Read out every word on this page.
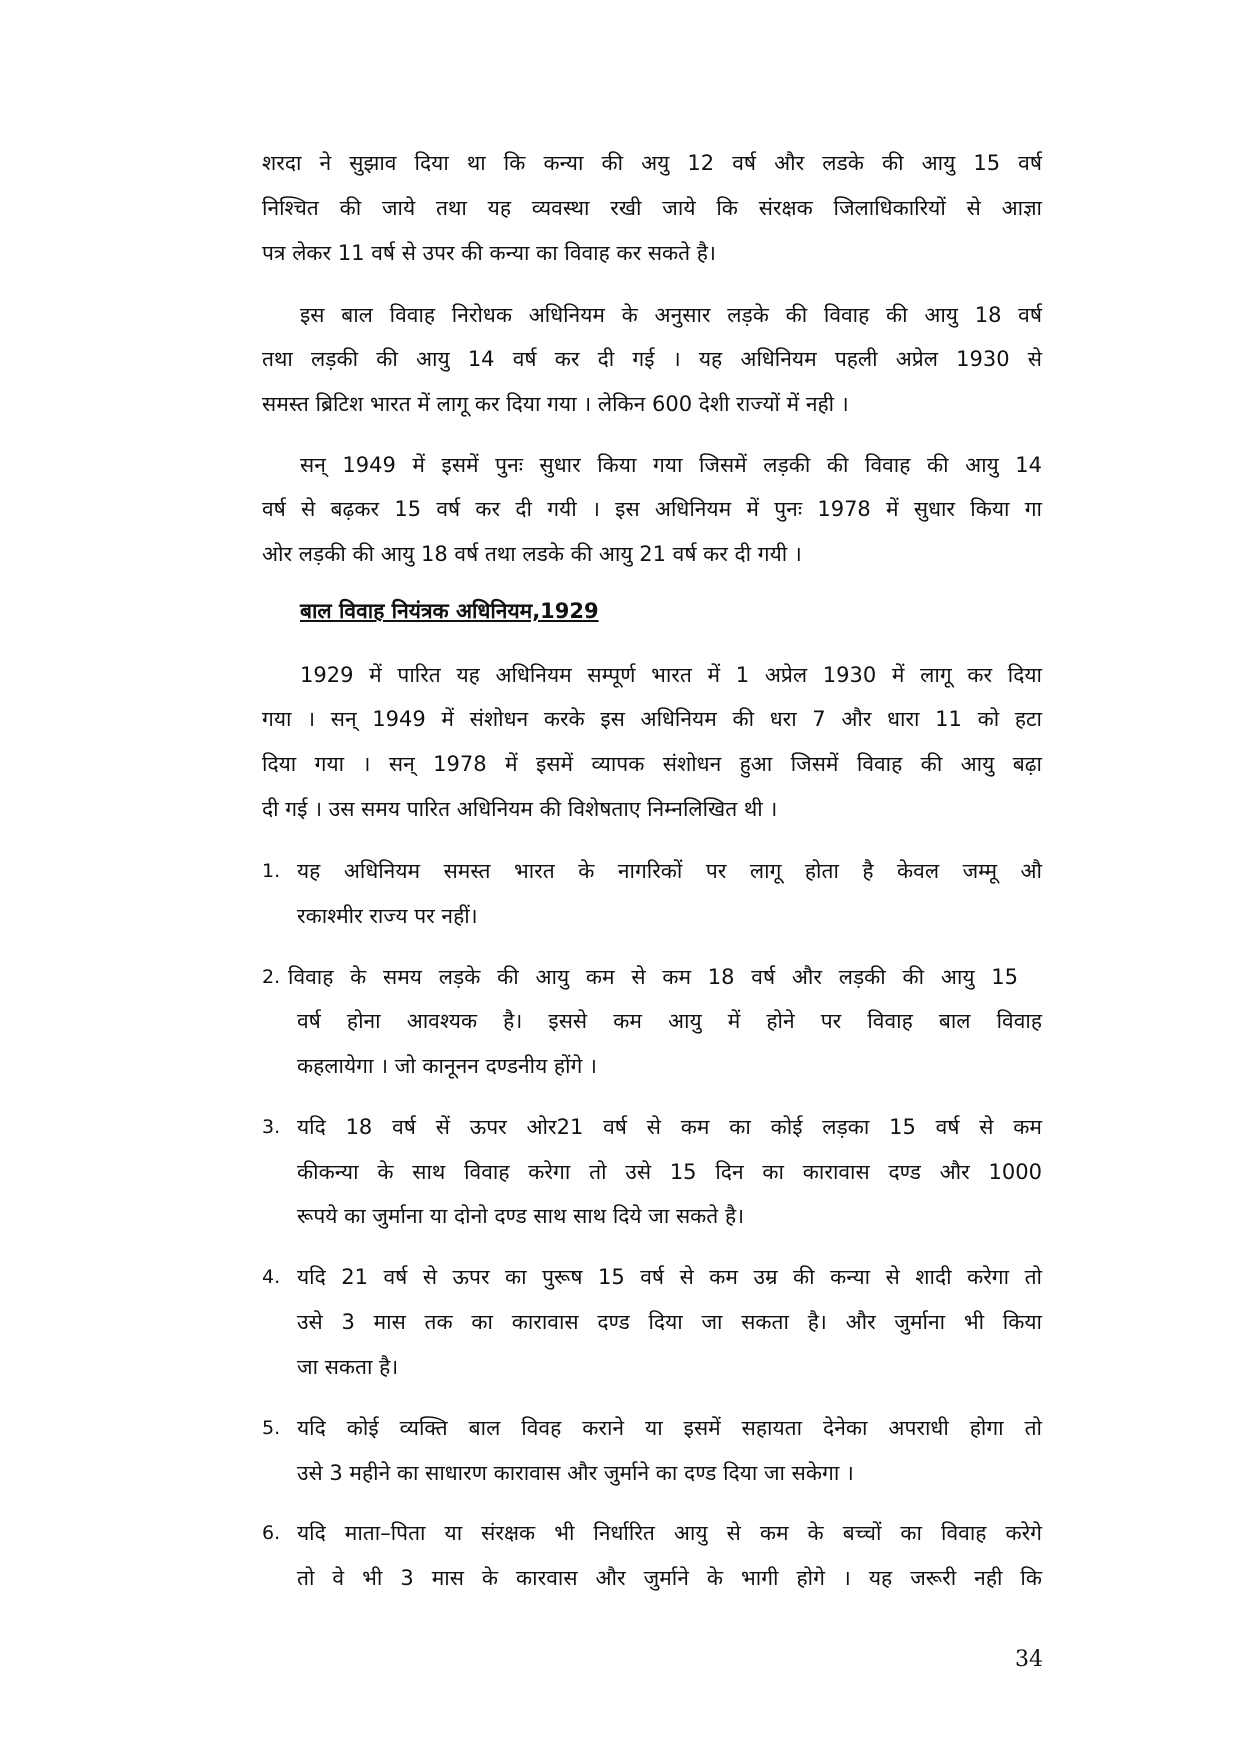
शरदा ने सुझाव दिया था कि कन्या की अयु 12 वर्ष और लडके की आयु 15 वर्ष
निश्चित की जाये तथा यह व्यवस्था रखी जाये कि संरक्षक जिलाधिकारियों से आज्ञा
पत्र लेकर 11 वर्ष से उपर की कन्या का विवाह कर सकते है।
इस बाल विवाह निरोधक अधिनियम के अनुसार लड़के की विवाह की आयु 18 वर्ष
तथा लड़की की आयु 14 वर्ष कर दी गई । यह अधिनियम पहली अप्रेल 1930 से
समस्त ब्रिटिश भारत में लागू कर दिया गया । लेकिन 600 देशी राज्यों में नही ।
सन् 1949 में इसमें पुनः सुधार किया गया जिसमें लड़की की विवाह की आयु 14
वर्ष से बढ़कर 15 वर्ष कर दी गयी । इस अधिनियम में पुनः 1978 में सुधार किया गा
ओर लड़की की आयु 18 वर्ष तथा लडके की आयु 21 वर्ष कर दी गयी ।
बाल विवाह नियंत्रक अधिनियम,1929
1929 में पारित यह अधिनियम सम्पूर्ण भारत में 1 अप्रेल 1930 में लागू कर दिया
गया । सन् 1949 में संशोधन करके इस अधिनियम की धरा 7 और धारा 11 को हटा
दिया गया । सन् 1978 में इसमें व्यापक संशोधन हुआ जिसमें विवाह की आयु बढ़ा
दी गई । उस समय पारित अधिनियम की विशेषताए निम्नलिखित थी ।
1. यह अधिनियम समस्त भारत के नागरिकों पर लागू होता है केवल जम्मू औ
रकाश्मीर राज्य पर नहीं।
2. विवाह के समय लड़के की आयु कम से कम 18 वर्ष और लड़की की आयु 15
वर्ष होना आवश्यक है। इससे कम आयु में होने पर विवाह बाल विवाह
कहलायेगा । जो कानूनन दण्डनीय होंगे ।
3. यदि 18 वर्ष सें ऊपर ओर21 वर्ष से कम का कोई लड़का 15 वर्ष से कम
कीकन्या के साथ विवाह करेगा तो उसे 15 दिन का कारावास दण्ड और 1000
रूपये का जुर्माना या दोनो दण्ड साथ साथ दिये जा सकते है।
4. यदि 21 वर्ष से ऊपर का पुरूष 15 वर्ष से कम उम्र की कन्या से शादी करेगा तो
उसे 3 मास तक का कारावास दण्ड दिया जा सकता है। और जुर्माना भी किया
जा सकता है।
5. यदि कोई व्यक्ति बाल विवह कराने या इसमें सहायता देनेका अपराधी होगा तो
उसे 3 महीने का साधारण कारावास और जुर्माने का दण्ड दिया जा सकेगा ।
6. यदि माता–पिता या संरक्षक भी निर्धारित आयु से कम के बच्चों का विवाह करेगे
तो वे भी 3 मास के कारवास और जुर्माने के भागी होगे । यह जरूरी नही कि
34
